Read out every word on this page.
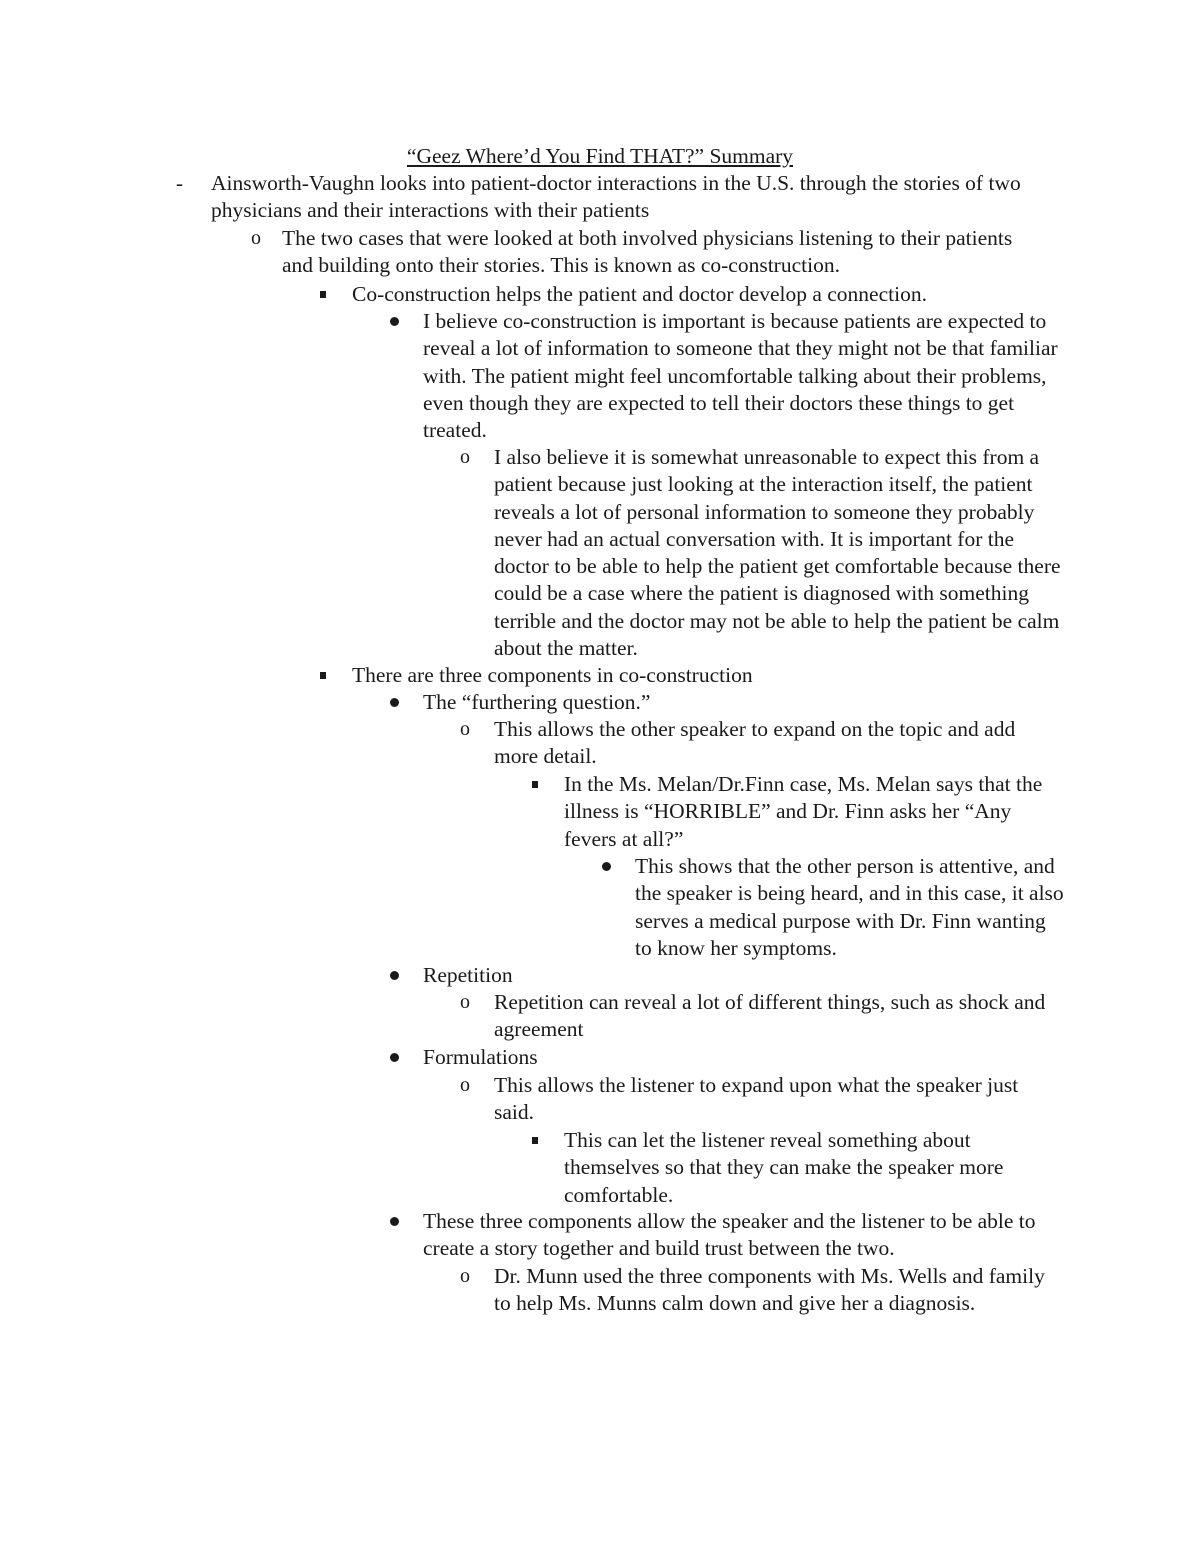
“Geez Where’d You Find THAT?” Summary
- Ainsworth-Vaughn looks into patient-doctor interactions in the U.S. through the stories of two physicians and their interactions with their patients

o The two cases that were looked at both involved physicians listening to their patients and building onto their stories. This is known as co-construction.

Co-construction helps the patient and doctor develop a connection.

I believe co-construction is important is because patients are expected to reveal a lot of information to someone that they might not be that familiar with. The patient might feel uncomfortable talking about their problems, even though they are expected to tell their doctors these things to get treated.

o I also believe it is somewhat unreasonable to expect this from a patient because just looking at the interaction itself, the patient reveals a lot of personal information to someone they probably never had an actual conversation with. It is important for the doctor to be able to help the patient get comfortable because there could be a case where the patient is diagnosed with something terrible and the doctor may not be able to help the patient be calm about the matter.

There are three components in co-construction

The “furthering question.”

o This allows the other speaker to expand on the topic and add more detail.

In the Ms. Melan/Dr.Finn case, Ms. Melan says that the illness is “HORRIBLE” and Dr. Finn asks her “Any fevers at all?”

This shows that the other person is attentive, and the speaker is being heard, and in this case, it also serves a medical purpose with Dr. Finn wanting to know her symptoms.

Repetition

o Repetition can reveal a lot of different things, such as shock and agreement

Formulations

o This allows the listener to expand upon what the speaker just said.

This can let the listener reveal something about themselves so that they can make the speaker more comfortable.

These three components allow the speaker and the listener to be able to create a story together and build trust between the two.

o Dr. Munn used the three components with Ms. Wells and family to help Ms. Munns calm down and give her a diagnosis.
